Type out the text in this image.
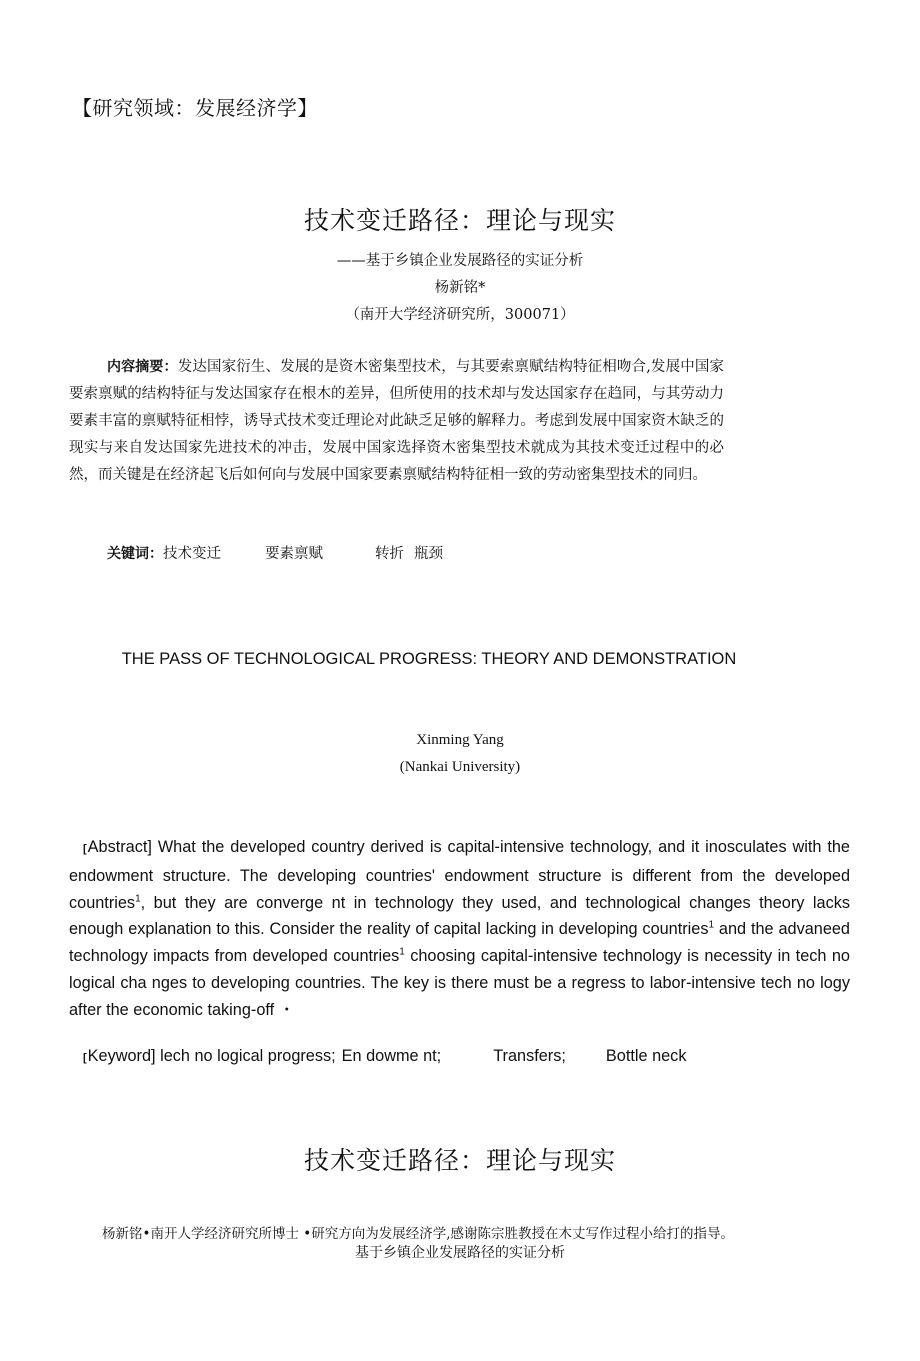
【研究领域：发展经济学】
技术变迁路径：理论与现实
——基于乡镇企业发展路径的实证分析
杨新铭*
（南开大学经济研究所，300071）
内容摘要：发达国家衍生、发展的是资木密集型技术，与其要索禀赋结构特征相吻合,发展中国家要索禀赋的结构特征与发达国家存在根木的差异，但所使用的技术却与发达国家存在趋同，与其劳动力要素丰富的禀赋特征相悖，诱导式技术变迁理论对此缺乏足够的解释力。考虑到发展中国家资木缺乏的现实与来自发达国家先进技术的冲击，发展中国家选择资木密集型技术就成为其技术变迁过程中的必然，而关键是在经济起飞后如何向与发展中国家要素禀赋结构特征相一致的劳动密集型技术的同归。
关键词：技术变迁	要素禀赋	转折 瓶颈
THE PASS OF TECHNOLOGICAL PROGRESS: THEORY AND DEMONSTRATION
Xinming Yang
(Nankai University)
[Abstract] What the developed country derived is capital-intensive technology, and it inosculates with the endowment structure. The developing countries' endowment structure is different from the developed countries$^1$, but they are converge nt in technology they used, and technological changes theory lacks enough explanation to this. Consider the reality of capital lacking in developing countries$^1$ and the advaneed technology impacts from developed countries$^1$ choosing capital-intensive technology is necessity in tech no logical cha nges to developing countries. The key is there must be a regress to labor-intensive tech no logy after the economic taking-off ・
[Keyword] lech no logical progress; En dowme nt;	Transfers; Bottle neck
技术变迁路径：理论与现实
杨新铭•南开人学经济研究所博士 •研究方向为发展经济学,感谢陈宗胜教授在木丈写作过程小给打的指导。
基于乡镇企业发展路径的实证分析
